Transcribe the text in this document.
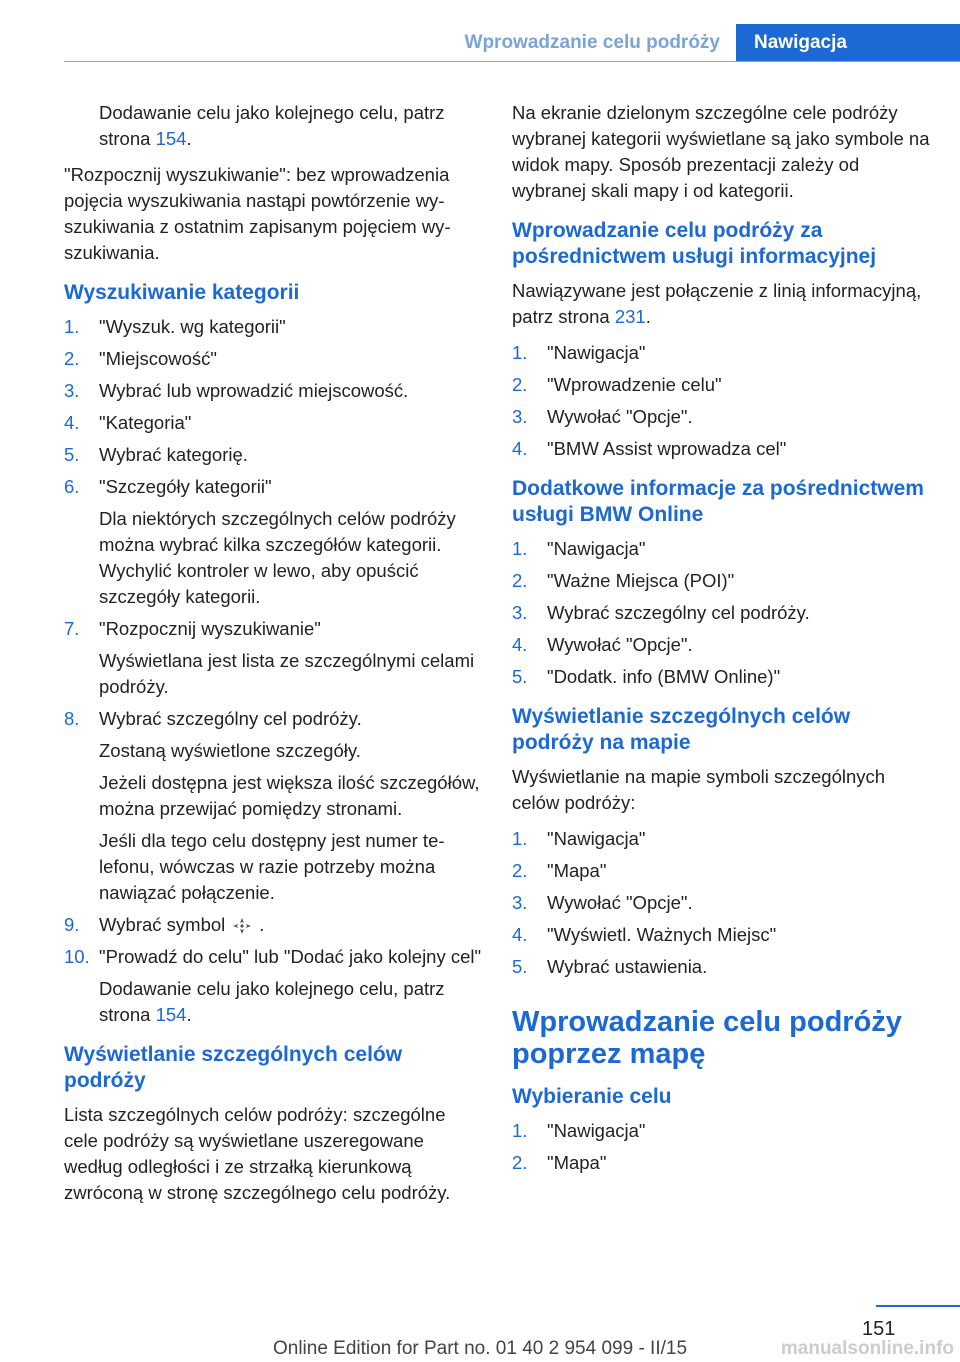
Wprowadzanie celu podróży	Nawigacja

Dodawanie celu jako kolejnego celu, patrz strona 154.

"Rozpocznij wyszukiwanie": bez wprowadzenia pojęcia wyszukiwania nastąpi powtórzenie wyszukiwania z ostatnim zapisanym pojęciem wyszukiwania.

Wyszukiwanie kategorii
1. "Wyszuk. wg kategorii"
2. "Miejscowość"
3. Wybrać lub wprowadzić miejscowość.
4. "Kategoria"
5. Wybrać kategorię.
6. "Szczegóły kategorii"
Dla niektórych szczególnych celów podróży można wybrać kilka szczegółów kategorii. Wychylić kontroler w lewo, aby opuścić szczegóły kategorii.
7. "Rozpocznij wyszukiwanie"
Wyświetlana jest lista ze szczególnymi celami podróży.
8. Wybrać szczególny cel podróży.
Zostaną wyświetlone szczegóły.
Jeżeli dostępna jest większa ilość szczegółów, można przewijać pomiędzy stronami.
Jeśli dla tego celu dostępny jest numer telefonu, wówczas w razie potrzeby można nawiązać połączenie.
9. Wybrać symbol .
10. "Prowadź do celu" lub "Dodać jako kolejny cel"
Dodawanie celu jako kolejnego celu, patrz strona 154.
Wyświetlanie szczególnych celów podróży

Lista szczególnych celów podróży: szczególne cele podróży są wyświetlane uszeregowane według odległości i ze strzałką kierunkową zwróconą w stronę szczególnego celu podróży.

Na ekranie dzielonym szczególne cele podróży wybranej kategorii wyświetlane są jako symbole na widok mapy. Sposób prezentacji zależy od wybranej skali mapy i od kategorii.

Wprowadzanie celu podróży za pośrednictwem usługi informacyjnej

Nawiązywane jest połączenie z linią informacyjną, patrz strona 231.

1. "Nawigacja"
2. "Wprowadzenie celu"
3. Wywołać "Opcje".
4. "BMW Assist wprowadza cel"
Dodatkowe informacje za pośrednictwem usługi BMW Online
1. "Nawigacja"
2. "Ważne Miejsca (POI)"
3. Wybrać szczególny cel podróży.
4. Wywołać "Opcje".
5. "Dodatk. info (BMW Online)"
Wyświetlanie szczególnych celów podróży na mapie

Wyświetlanie na mapie symboli szczególnych celów podróży:

1. "Nawigacja"
2. "Mapa"
3. Wywołać "Opcje".
4. "Wyświetl. Ważnych Miejsc"
5. Wybrać ustawienia.
Wprowadzanie celu podróży poprzez mapę
Wybieranie celu
1. "Nawigacja"
2. "Mapa"
151
Online Edition for Part no. 01 40 2 954 099 - II/15	manualsonline.info
